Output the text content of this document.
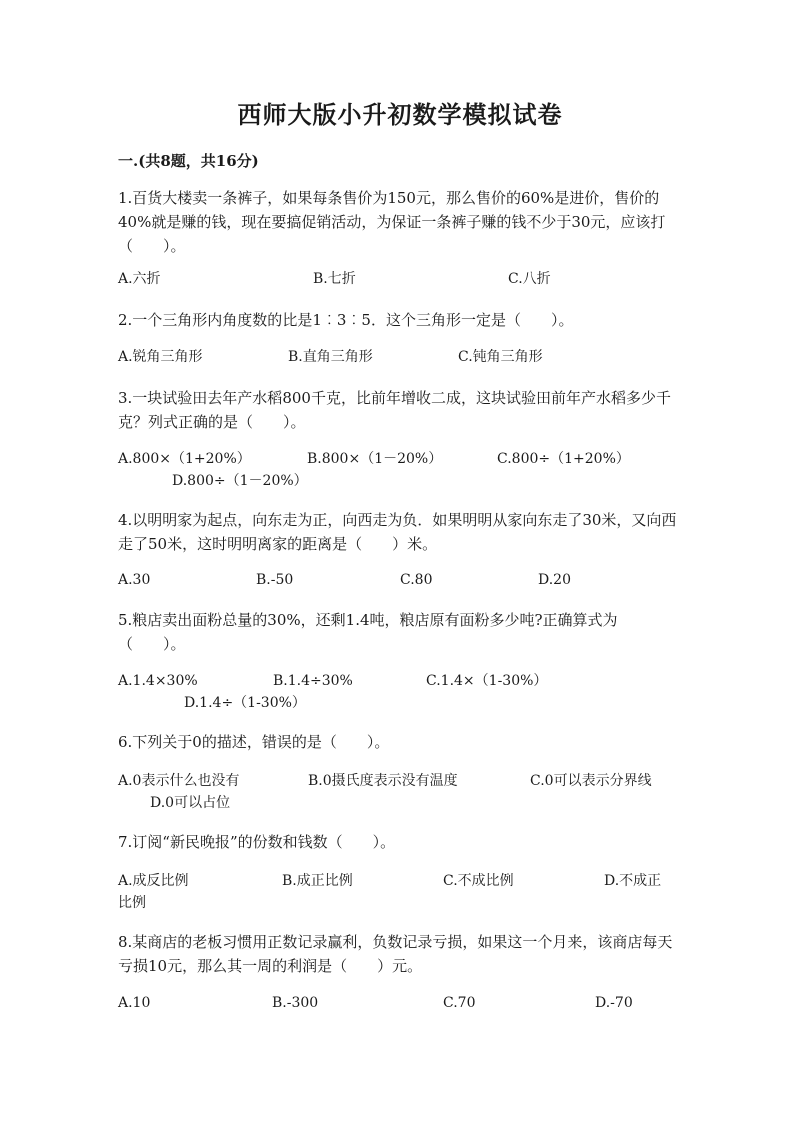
西师大版小升初数学模拟试卷
一.(共8题，共16分)
1.百货大楼卖一条裤子，如果每条售价为150元，那么售价的60%是进价，售价的40%就是赚的钱，现在要搞促销活动，为保证一条裤子赚的钱不少于30元，应该打（　　）。
A.六折	B.七折	C.八折
2.一个三角形内角度数的比是1︰3︰5．这个三角形一定是（　　）。
A.锐角三角形	B.直角三角形	C.钝角三角形
3.一块试验田去年产水稻800千克，比前年增收二成，这块试验田前年产水稻多少千克？列式正确的是（　　）。
A.800×（1+20%）	B.800×（1－20%）	C.800÷（1+20%）
D.800÷（1－20%）
4.以明明家为起点，向东走为正，向西走为负．如果明明从家向东走了30米，又向西走了50米，这时明明离家的距离是（　　）米。
A.30	B.-50	C.80	D.20
5.粮店卖出面粉总量的30%，还剩1.4吨，粮店原有面粉多少吨?正确算式为（　　）。
A.1.4×30%	B.1.4÷30%	C.1.4×（1-30%）
D.1.4÷（1-30%）
6.下列关于0的描述，错误的是（　　）。
A.0表示什么也没有	B.0摄氏度表示没有温度	C.0可以表示分界线
D.0可以占位
7.订阅“新民晚报”的份数和钱数（　　）。
A.成反比例	B.成正比例	C.不成比例	D.不成正
比例
8.某商店的老板习惯用正数记录赢利，负数记录亏损，如果这一个月来，该商店每天亏损10元，那么其一周的利润是（　　）元。
A.10	B.-300	C.70	D.-70
